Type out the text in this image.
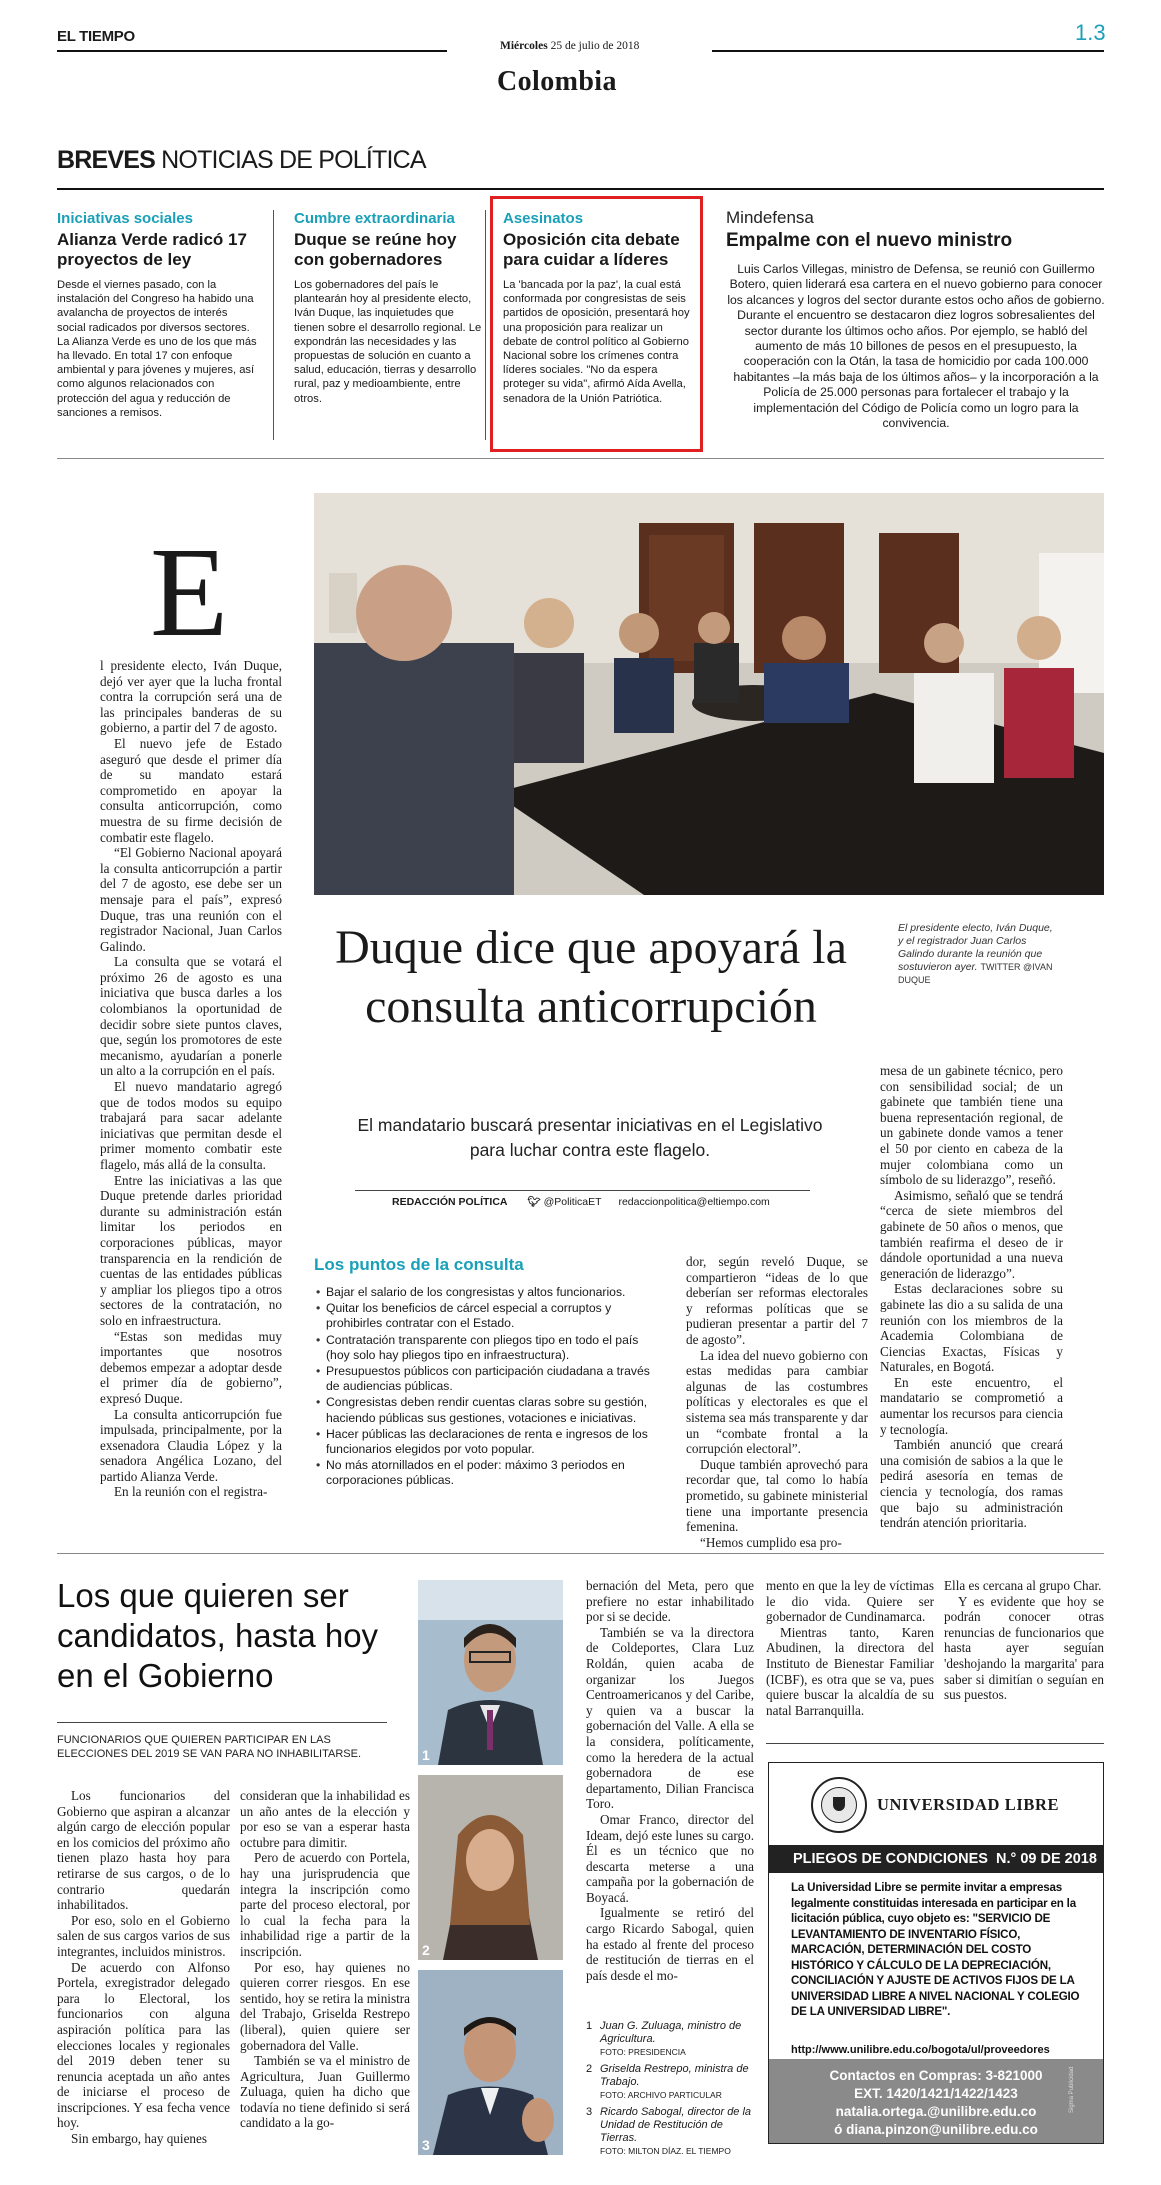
EL TIEMPO
Miércoles 25 de julio de 2018
Colombia
1.3
BREVES NOTICIAS DE POLÍTICA
Iniciativas sociales
Alianza Verde radicó 17 proyectos de ley
Desde el viernes pasado, con la instalación del Congreso ha habido una avalancha de proyectos de interés social radicados por diversos sectores. La Alianza Verde es uno de los que más ha llevado. En total 17 con enfoque ambiental y para jóvenes y mujeres, así como algunos relacionados con protección del agua y reducción de sanciones a remisos.
Cumbre extraordinaria
Duque se reúne hoy con gobernadores
Los gobernadores del país le plantearán hoy al presidente electo, Iván Duque, las inquietudes que tienen sobre el desarrollo regional. Le expondrán las necesidades y las propuestas de solución en cuanto a salud, educación, tierras y desarrollo rural, paz y medioambiente, entre otros.
Asesinatos
Oposición cita debate para cuidar a líderes
La 'bancada por la paz', la cual está conformada por congresistas de seis partidos de oposición, presentará hoy una proposición para realizar un debate de control político al Gobierno Nacional sobre los crímenes contra líderes sociales. "No da espera proteger su vida", afirmó Aída Avella, senadora de la Unión Patriótica.
Mindefensa
Empalme con el nuevo ministro
Luis Carlos Villegas, ministro de Defensa, se reunió con Guillermo Botero, quien liderará esa cartera en el nuevo gobierno para conocer los alcances y logros del sector durante estos ocho años de gobierno. Durante el encuentro se destacaron diez logros sobresalientes del sector durante los últimos ocho años. Por ejemplo, se habló del aumento de más 10 billones de pesos en el presupuesto, la cooperación con la Otán, la tasa de homicidio por cada 100.000 habitantes –la más baja de los últimos años– y la incorporación a la Policía de 25.000 personas para fortalecer el trabajo y la implementación del Código de Policía como un logro para la convivencia.
E

l presidente electo, Iván Duque, dejó ver ayer que la lucha frontal contra la corrupción será una de las principales banderas de su gobierno, a partir del 7 de agosto.

El nuevo jefe de Estado aseguró que desde el primer día de su mandato estará comprometido en apoyar la consulta anticorrupción, como muestra de su firme decisión de combatir este flagelo.

“El Gobierno Nacional apoyará la consulta anticorrupción a partir del 7 de agosto, ese debe ser un mensaje para el país”, expresó Duque, tras una reunión con el registrador Nacional, Juan Carlos Galindo.

La consulta que se votará el próximo 26 de agosto es una iniciativa que busca darles a los colombianos la oportunidad de decidir sobre siete puntos claves, que, según los promotores de este mecanismo, ayudarían a ponerle un alto a la corrupción en el país.

El nuevo mandatario agregó que de todos modos su equipo trabajará para sacar adelante iniciativas que permitan desde el primer momento combatir este flagelo, más allá de la consulta.

Entre las iniciativas a las que Duque pretende darles prioridad durante su administración están limitar los periodos en corporaciones públicas, mayor transparencia en la rendición de cuentas de las entidades públicas y ampliar los pliegos tipo a otros sectores de la contratación, no solo en infraestructura.

“Estas son medidas muy importantes que nosotros debemos empezar a adoptar desde el primer día de gobierno”, expresó Duque.

La consulta anticorrupción fue impulsada, principalmente, por la exsenadora Claudia López y la senadora Angélica Lozano, del partido Alianza Verde.

En la reunión con el registra-

El presidente electo, Iván Duque, y el registrador Juan Carlos Galindo durante la reunión que sostuvieron ayer. TWITTER @IVAN DUQUE
Duque dice que apoyará la consulta anticorrupción
El mandatario buscará presentar iniciativas en el Legislativo para luchar contra este flagelo.
REDACCIÓN POLÍTICA 🐦︎ @PoliticaET redaccionpolitica@eltiempo.com
Los puntos de la consulta
• Bajar el salario de los congresistas y altos funcionarios.
• Quitar los beneficios de cárcel especial a corruptos y prohibirles contratar con el Estado.
• Contratación transparente con pliegos tipo en todo el país (hoy solo hay pliegos tipo en infraestructura).
• Presupuestos públicos con participación ciudadana a través de audiencias públicas.
• Congresistas deben rendir cuentas claras sobre su gestión, haciendo públicas sus gestiones, votaciones e iniciativas.
• Hacer públicas las declaraciones de renta e ingresos de los funcionarios elegidos por voto popular.
• No más atornillados en el poder: máximo 3 periodos en corporaciones públicas.

dor, según reveló Duque, se compartieron “ideas de lo que deberían ser reformas electorales y reformas políticas que se pudieran presentar a partir del 7 de agosto”.

La idea del nuevo gobierno con estas medidas para cambiar algunas de las costumbres políticas y electorales es que el sistema sea más transparente y dar un “combate frontal a la corrupción electoral”.

Duque también aprovechó para recordar que, tal como lo había prometido, su gabinete ministerial tiene una importante presencia femenina.

“Hemos cumplido esa pro-

mesa de un gabinete técnico, pero con sensibilidad social; de un gabinete que también tiene una buena representación regional, de un gabinete donde vamos a tener el 50 por ciento en cabeza de la mujer colombiana como un símbolo de su liderazgo”, reseñó.

Asimismo, señaló que se tendrá “cerca de siete miembros del gabinete de 50 años o menos, que también reafirma el deseo de ir dándole oportunidad a una nueva generación de liderazgo”.

Estas declaraciones sobre su gabinete las dio a su salida de una reunión con los miembros de la Academia Colombiana de Ciencias Exactas, Físicas y Naturales, en Bogotá.

En este encuentro, el mandatario se comprometió a aumentar los recursos para ciencia y tecnología.

También anunció que creará una comisión de sabios a la que le pedirá asesoría en temas de ciencia y tecnología, dos ramas que bajo su administración tendrán atención prioritaria.

Los que quieren ser candidatos, hasta hoy en el Gobierno
FUNCIONARIOS QUE QUIEREN PARTICIPAR EN LAS ELECCIONES DEL 2019 SE VAN PARA NO INHABILITARSE.

Los funcionarios del Gobierno que aspiran a alcanzar algún cargo de elección popular en los comicios del próximo año tienen plazo hasta hoy para retirarse de sus cargos, o de lo contrario quedarán inhabilitados.

Por eso, solo en el Gobierno salen de sus cargos varios de sus integrantes, incluidos ministros.

De acuerdo con Alfonso Portela, exregistrador delegado para lo Electoral, los funcionarios con alguna aspiración política para las elecciones locales y regionales del 2019 deben tener su renuncia aceptada un año antes de iniciarse el proceso de inscripciones. Y esa fecha vence hoy.

Sin embargo, hay quienes

consideran que la inhabilidad es un año antes de la elección y por eso se van a esperar hasta octubre para dimitir.

Pero de acuerdo con Portela, hay una jurisprudencia que integra la inscripción como parte del proceso electoral, por lo cual la fecha para la inhabilidad rige a partir de la inscripción.

Por eso, hay quienes no quieren correr riesgos. En ese sentido, hoy se retira la ministra del Trabajo, Griselda Restrepo (liberal), quien quiere ser gobernadora del Valle.

También se va el ministro de Agricultura, Juan Guillermo Zuluaga, quien ha dicho que todavía no tiene definido si será candidato a la go-

1
2
3

bernación del Meta, pero que prefiere no estar inhabilitado por si se decide.

También se va la directora de Coldeportes, Clara Luz Roldán, quien acaba de organizar los Juegos Centroamericanos y del Caribe, y quien va a buscar la gobernación del Valle. A ella se la considera, políticamente, como la heredera de la actual gobernadora de ese departamento, Dilian Francisca Toro.

Omar Franco, director del Ideam, dejó este lunes su cargo. Él es un técnico que no descarta meterse a una campaña por la gobernación de Boyacá.

Igualmente se retiró del cargo Ricardo Sabogal, quien ha estado al frente del proceso de restitución de tierras en el país desde el mo-

mento en que la ley de víctimas le dio vida. Quiere ser gobernador de Cundinamarca.

Mientras tanto, Karen Abudinen, la directora del Instituto de Bienestar Familiar (ICBF), es otra que se va, pues quiere buscar la alcaldía de su natal Barranquilla.

Ella es cercana al grupo Char.

Y es evidente que hoy se podrán conocer otras renuncias de funcionarios que hasta ayer seguían 'deshojando la margarita' para saber si dimitían o seguían en sus puestos.

1 Juan G. Zuluaga, ministro de Agricultura.
FOTO: PRESIDENCIA
2 Griselda Restrepo, ministra de Trabajo.
FOTO: ARCHIVO PARTICULAR
3 Ricardo Sabogal, director de la Unidad de Restitución de Tierras.
FOTO: MILTON DÍAZ. EL TIEMPO
UNIVERSIDAD LIBRE
PLIEGOS DE CONDICIONES  N.° 09 DE 2018
La Universidad Libre se permite invitar a empresas legalmente constituidas interesada en participar en la licitación pública, cuyo objeto es: "SERVICIO DE LEVANTAMIENTO DE INVENTARIO FÍSICO, MARCACIÓN, DETERMINACIÓN DEL COSTO HISTÓRICO Y CÁLCULO DE LA DEPRECIACIÓN, CONCILIACIÓN Y AJUSTE DE ACTIVOS FIJOS DE LA UNIVERSIDAD LIBRE A NIVEL NACIONAL Y COLEGIO DE LA UNIVERSIDAD LIBRE".
http://www.unilibre.edu.co/bogota/ul/proveedores
Contactos en Compras: 3-821000
EXT. 1420/1421/1422/1423
natalia.ortega.@unilibre.edu.co
ó diana.pinzon@unilibre.edu.co
Sigma Publicidad
